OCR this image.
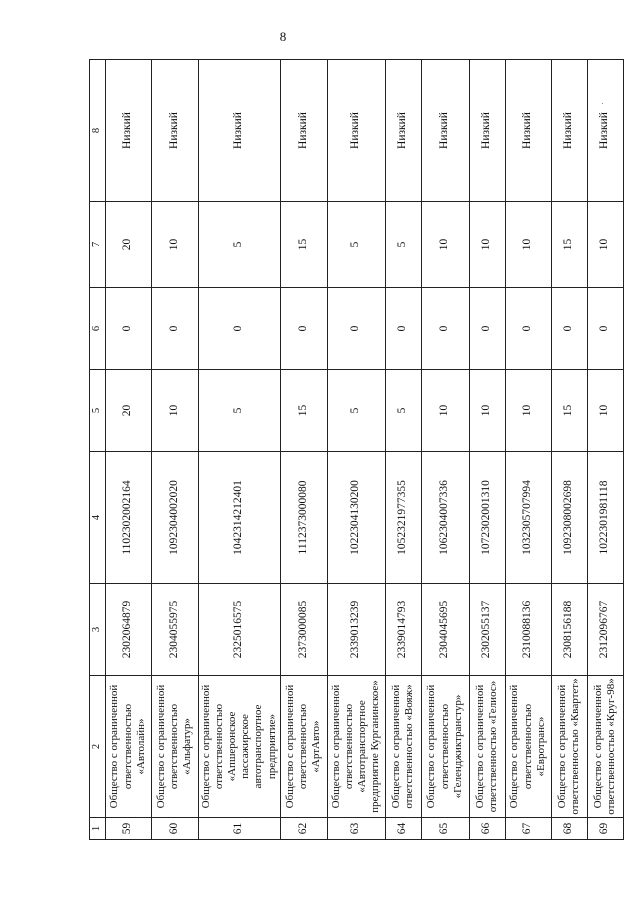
8
1	2	3	4	5	6	7	8
59	Общество с ограниченной ответственностью «Автолайн»	2302064879	1102302002164	20	0	20	Низкий
60	Общество с ограниченной ответственностью «Альфатур»	2304055975	1092304002020	10	0	10	Низкий
61	Общество с ограниченной ответственностью «Апшеронское пассажирское автотранспортное предприятие»	2325016575	1042314212401	5	0	5	Низкий
62	Общество с ограниченной ответственностью «АртАвто»	2373000085	1112373000080	15	0	15	Низкий
63	Общество с ограниченной ответственностью «Автотранспортное предприятие Курганинское»	2339013239	1022304130200	5	0	5	Низкий
64	Общество с ограниченной ответственностью «Вояж»	2339014793	1052321977355	5	0	5	Низкий
65	Общество с ограниченной ответственностью «Геленджиктранстур»	2304045695	1062304007336	10	0	10	Низкий
66	Общество с ограниченной ответственностью «Гелиос»	2302055137	1072302001310	10	0	10	Низкий
67	Общество с ограниченной ответственностью «Евротранс»	2310088136	1032305707994	10	0	10	Низкий
68	Общество с ограниченной ответственностью «Квартет»	2308156188	1092308002698	15	0	15	Низкий
69	Общество с ограниченной ответственностью «Круг-98»	2312096767	1022301981118	10	0	10	Низкий
